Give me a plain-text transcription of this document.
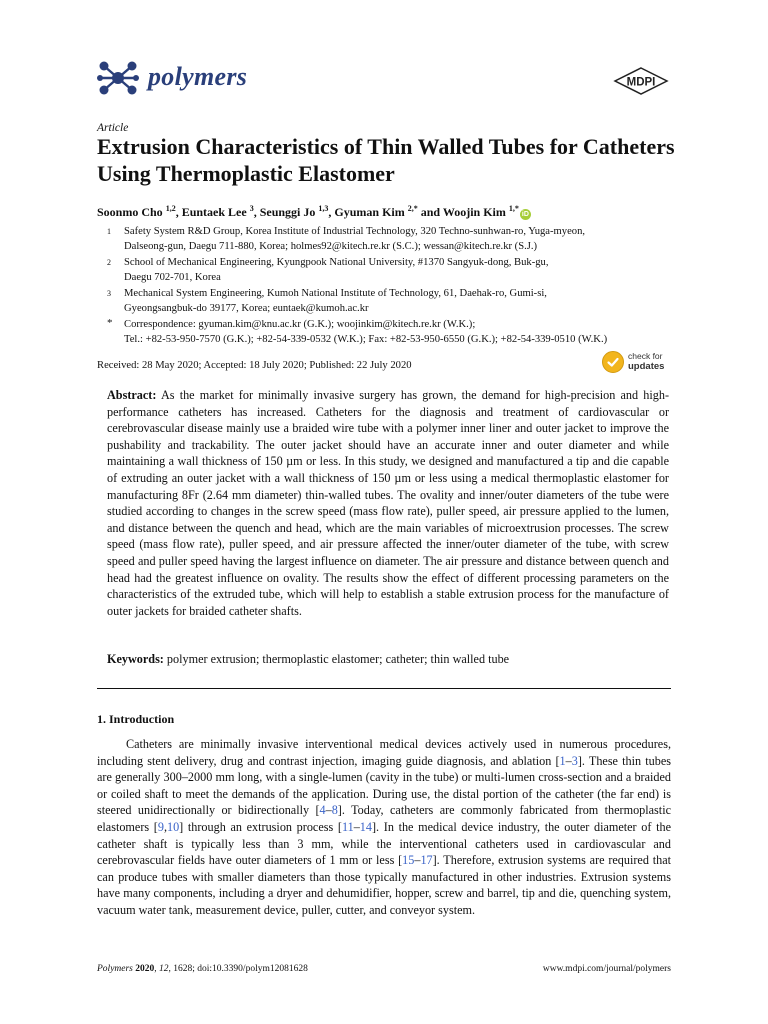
polymers	MDPI
Article
Extrusion Characteristics of Thin Walled Tubes for Catheters Using Thermoplastic Elastomer
Soonmo Cho $^{1,2}$, Euntaek Lee $^3$, Seunggi Jo $^{1,3}$, Gyuman Kim $^{2,*}$ and Woojin Kim $^{1,*}$iD
1 Safety System R&D Group, Korea Institute of Industrial Technology, 320 Techno-sunhwan-ro, Yuga-myeon,
Dalseong-gun, Daegu 711-880, Korea; holmes92@kitech.re.kr (S.C.); wessan@kitech.re.kr (S.J.)
2 School of Mechanical Engineering, Kyungpook National University, #1370 Sangyuk-dong, Buk-gu,
Daegu 702-701, Korea
3 Mechanical System Engineering, Kumoh National Institute of Technology, 61, Daehak-ro, Gumi-si,
Gyeongsangbuk-do 39177, Korea; euntaek@kumoh.ac.kr
* Correspondence: gyuman.kim@knu.ac.kr (G.K.); woojinkim@kitech.re.kr (W.K.);
Tel.: +82-53-950-7570 (G.K.); +82-54-339-0532 (W.K.); Fax: +82-53-950-6550 (G.K.); +82-54-339-0510 (W.K.)
Received: 28 May 2020; Accepted: 18 July 2020; Published: 22 July 2020
check for
updates
Abstract: As the market for minimally invasive surgery has grown, the demand for high-precision and high-performance catheters has increased. Catheters for the diagnosis and treatment of cardiovascular or cerebrovascular disease mainly use a braided wire tube with a polymer inner liner and outer jacket to improve the pushability and trackability. The outer jacket should have an accurate inner and outer diameter and while maintaining a wall thickness of 150 µm or less. In this study, we designed and manufactured a tip and die capable of extruding an outer jacket with a wall thickness of 150 µm or less using a medical thermoplastic elastomer for manufacturing 8Fr (2.64 mm diameter) thin-walled tubes. The ovality and inner/outer diameters of the tube were studied according to changes in the screw speed (mass flow rate), puller speed, air pressure applied to the lumen, and distance between the quench and head, which are the main variables of microextrusion processes. The screw speed (mass flow rate), puller speed, and air pressure affected the inner/outer diameter of the tube, with screw speed and puller speed having the largest influence on diameter. The air pressure and distance between quench and head had the greatest influence on ovality. The results show the effect of different processing parameters on the characteristics of the extruded tube, which will help to establish a stable extrusion process for the manufacture of outer jackets for braided catheter shafts.
Keywords: polymer extrusion; thermoplastic elastomer; catheter; thin walled tube
1. Introduction
Catheters are minimally invasive interventional medical devices actively used in numerous procedures, including stent delivery, drug and contrast injection, imaging guide diagnosis, and ablation [1–3]. These thin tubes are generally 300–2000 mm long, with a single-lumen (cavity in the tube) or multi-lumen cross-section and a braided or coiled shaft to meet the demands of the application. During use, the distal portion of the catheter (the far end) is steered unidirectionally or bidirectionally [4–8]. Today, catheters are commonly fabricated from thermoplastic elastomers [9,10] through an extrusion process [11–14]. In the medical device industry, the outer diameter of the catheter shaft is typically less than 3 mm, while the interventional catheters used in cardiovascular and cerebrovascular fields have outer diameters of 1 mm or less [15–17]. Therefore, extrusion systems are required that can produce tubes with smaller diameters than those typically manufactured in other industries. Extrusion systems have many components, including a dryer and dehumidifier, hopper, screw and barrel, tip and die, quenching system, vacuum water tank, measurement device, puller, cutter, and conveyor system.
Polymers 2020, 12, 1628; doi:10.3390/polym12081628	www.mdpi.com/journal/polymers
